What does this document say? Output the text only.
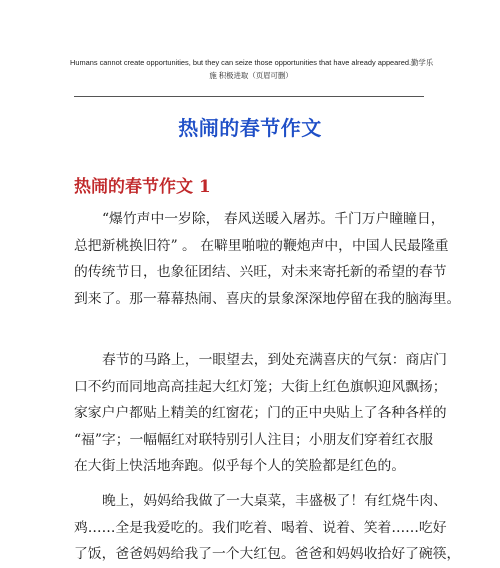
Humans cannot create opportunities, but they can seize those opportunities that have already appeared.勤学乐
施 积极进取（页眉可删）
热闹的春节作文
热闹的春节作文 1
“爆竹声中一岁除， 春风送暖入屠苏。千门万户瞳瞳日，
总把新桃换旧符” 。 在噼里啪啦的鞭炮声中，中国人民最隆重
的传统节日，也象征团结、兴旺，对未来寄托新的希望的春节
到来了。那一幕幕热闹、喜庆的景象深深地停留在我的脑海里。
春节的马路上，一眼望去，到处充满喜庆的气氛：商店门
口不约而同地高高挂起大红灯笼；大街上红色旗帜迎风飘扬；
家家户户都贴上精美的红窗花；门的正中央贴上了各种各样的
“福”字；一幅幅红对联特别引人注目；小朋友们穿着红衣服
在大街上快活地奔跑。似乎每个人的笑脸都是红色的。
晚上，妈妈给我做了一大桌菜，丰盛极了！有红烧牛肉、
鸡……全是我爱吃的。我们吃着、喝着、说着、笑着……吃好
了饭，爸爸妈妈给我了一个大红包。爸爸和妈妈收拾好了碗筷，
